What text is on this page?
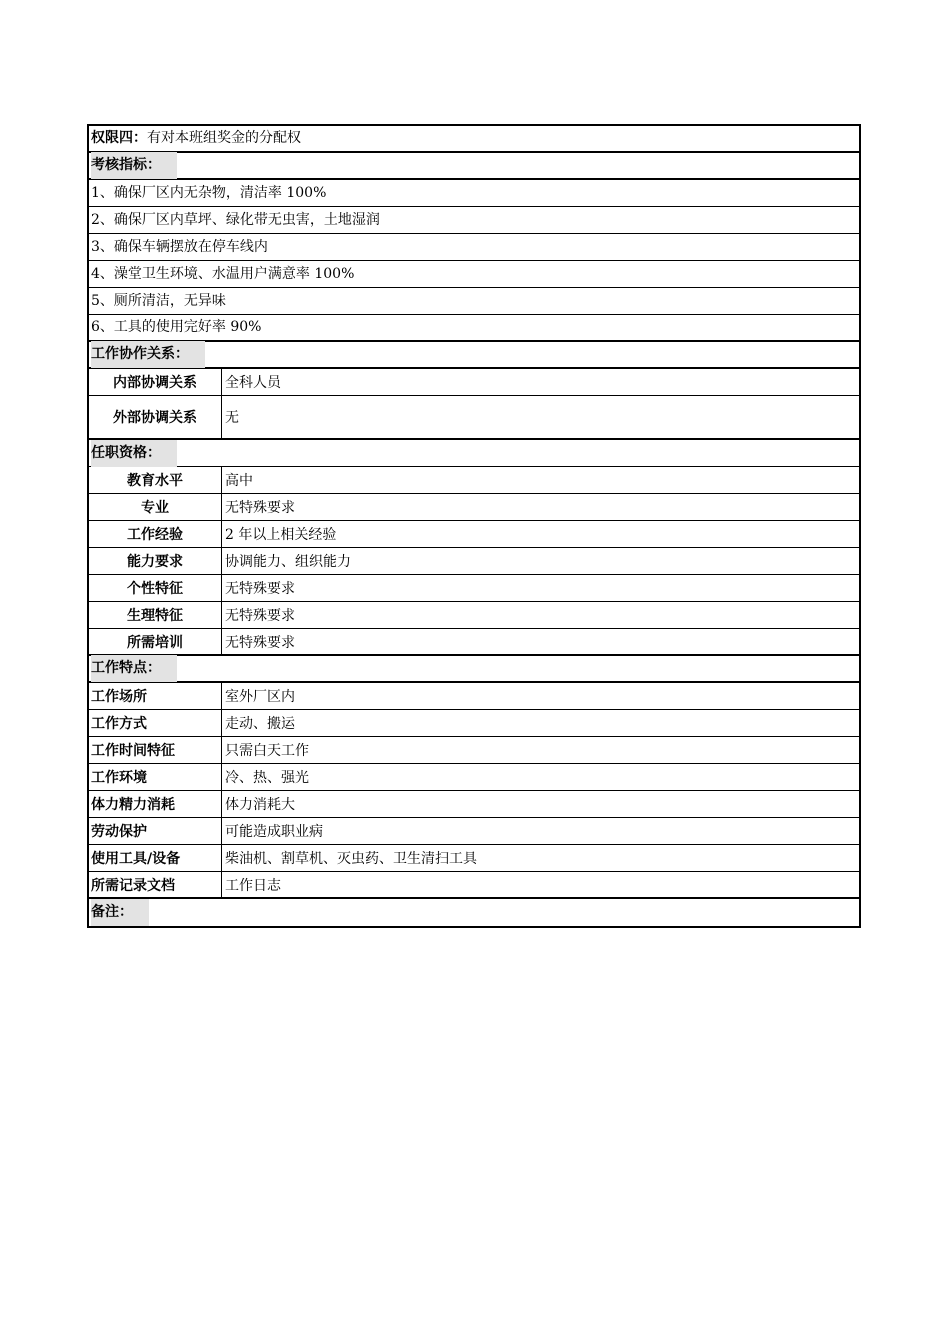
权限四： 有对本班组奖金的分配权
考核指标：
1、确保厂区内无杂物，清洁率 100%
2、确保厂区内草坪、绿化带无虫害，土地湿润
3、确保车辆摆放在停车线内
4、澡堂卫生环境、水温用户满意率 100%
5、厕所清洁，无异味
6、工具的使用完好率 90%
工作协作关系：
内部协调关系	全科人员
外部协调关系	无
任职资格：
教育水平	高中
专业	无特殊要求
工作经验	2 年以上相关经验
能力要求	协调能力、组织能力
个性特征	无特殊要求
生理特征	无特殊要求
所需培训	无特殊要求
工作特点：
工作场所	室外厂区内
工作方式	走动、搬运
工作时间特征	只需白天工作
工作环境	冷、热、强光
体力精力消耗	体力消耗大
劳动保护	可能造成职业病
使用工具/设备	柴油机、割草机、灭虫药、卫生清扫工具
所需记录文档	工作日志
备注：
